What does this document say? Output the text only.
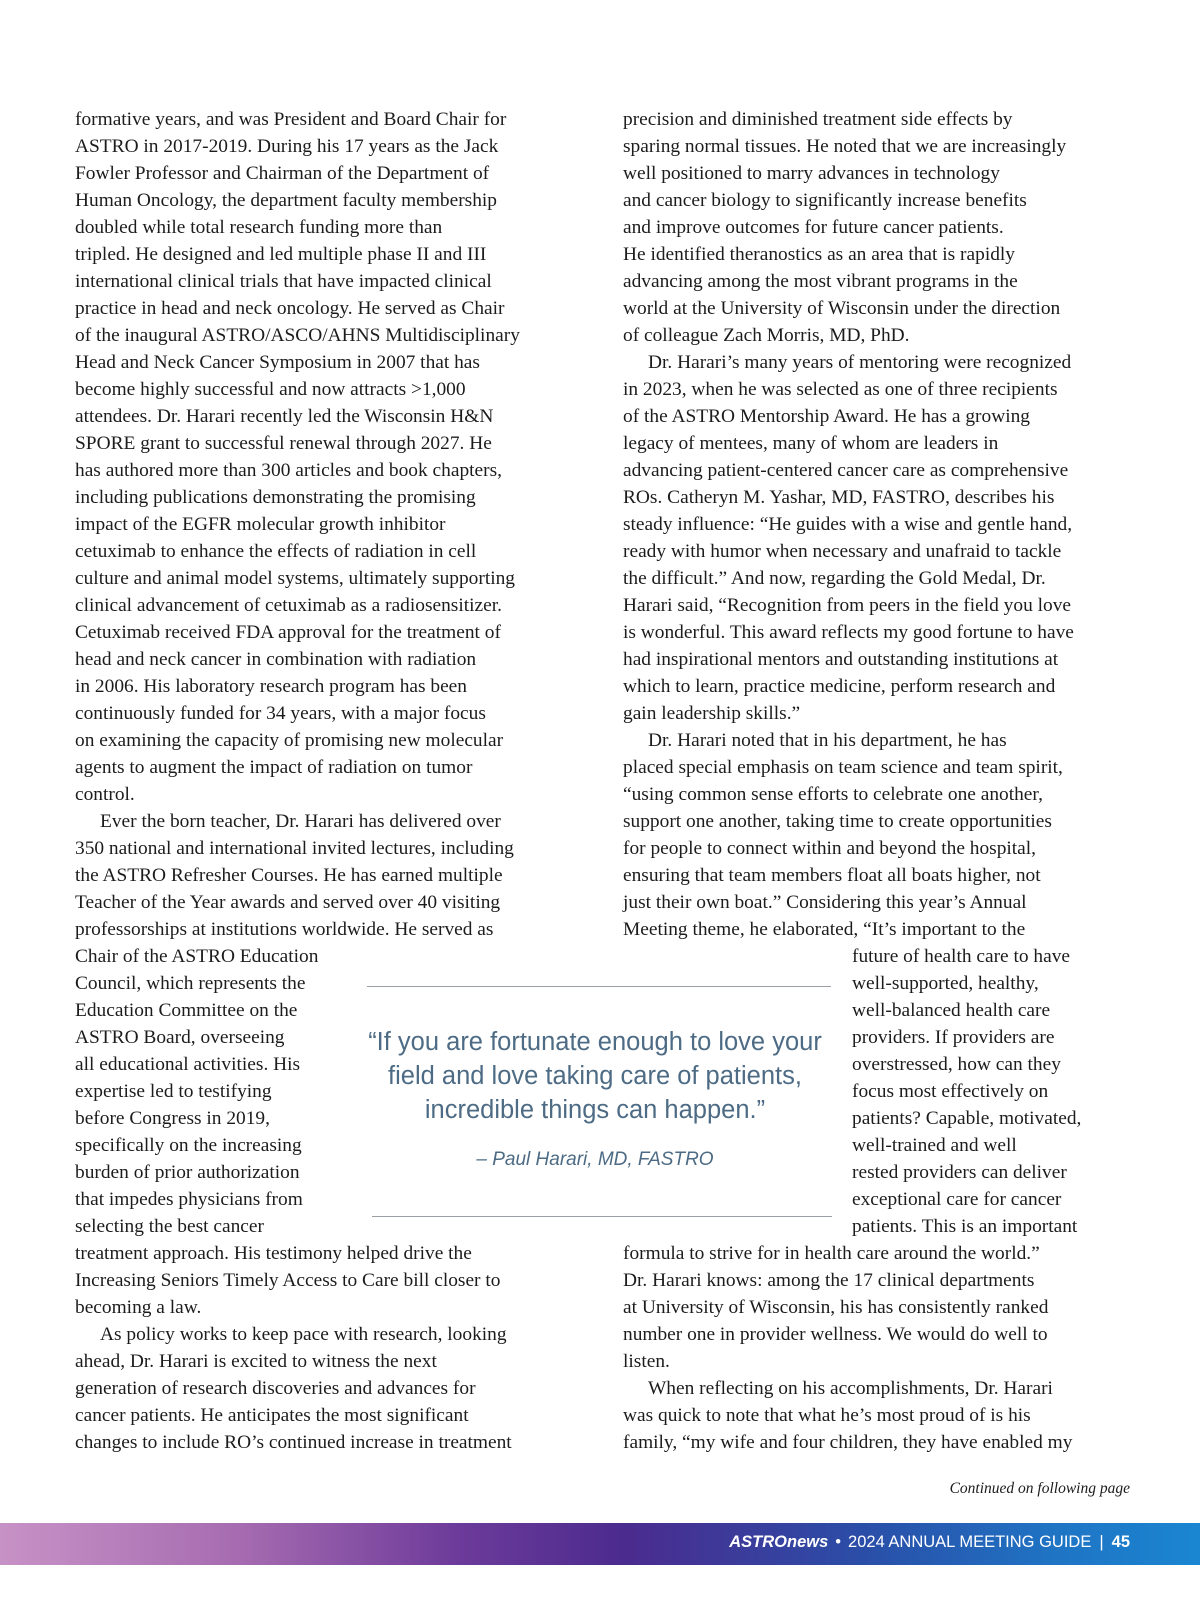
formative years, and was President and Board Chair for
ASTRO in 2017-2019. During his 17 years as the Jack
Fowler Professor and Chairman of the Department of
Human Oncology, the department faculty membership
doubled while total research funding more than
tripled. He designed and led multiple phase II and III
international clinical trials that have impacted clinical
practice in head and neck oncology. He served as Chair
of the inaugural ASTRO/ASCO/AHNS Multidisciplinary
Head and Neck Cancer Symposium in 2007 that has
become highly successful and now attracts >1,000
attendees. Dr. Harari recently led the Wisconsin H&N
SPORE grant to successful renewal through 2027. He
has authored more than 300 articles and book chapters,
including publications demonstrating the promising
impact of the EGFR molecular growth inhibitor
cetuximab to enhance the effects of radiation in cell
culture and animal model systems, ultimately supporting
clinical advancement of cetuximab as a radiosensitizer.
Cetuximab received FDA approval for the treatment of
head and neck cancer in combination with radiation
in 2006. His laboratory research program has been
continuously funded for 34 years, with a major focus
on examining the capacity of promising new molecular
agents to augment the impact of radiation on tumor
control.
Ever the born teacher, Dr. Harari has delivered over
350 national and international invited lectures, including
the ASTRO Refresher Courses. He has earned multiple
Teacher of the Year awards and served over 40 visiting
professorships at institutions worldwide. He served as
Chair of the ASTRO Education
Council, which represents the
Education Committee on the
ASTRO Board, overseeing
all educational activities. His
expertise led to testifying
before Congress in 2019,
specifically on the increasing
burden of prior authorization
that impedes physicians from
selecting the best cancer
treatment approach. His testimony helped drive the
Increasing Seniors Timely Access to Care bill closer to
becoming a law.
As policy works to keep pace with research, looking
ahead, Dr. Harari is excited to witness the next
generation of research discoveries and advances for
cancer patients. He anticipates the most significant
changes to include RO’s continued increase in treatment
precision and diminished treatment side effects by
sparing normal tissues. He noted that we are increasingly
well positioned to marry advances in technology
and cancer biology to significantly increase benefits
and improve outcomes for future cancer patients.
He identified theranostics as an area that is rapidly
advancing among the most vibrant programs in the
world at the University of Wisconsin under the direction
of colleague Zach Morris, MD, PhD.
Dr. Harari’s many years of mentoring were recognized
in 2023, when he was selected as one of three recipients
of the ASTRO Mentorship Award. He has a growing
legacy of mentees, many of whom are leaders in
advancing patient-centered cancer care as comprehensive
ROs. Catheryn M. Yashar, MD, FASTRO, describes his
steady influence: “He guides with a wise and gentle hand,
ready with humor when necessary and unafraid to tackle
the difficult.” And now, regarding the Gold Medal, Dr.
Harari said, “Recognition from peers in the field you love
is wonderful. This award reflects my good fortune to have
had inspirational mentors and outstanding institutions at
which to learn, practice medicine, perform research and
gain leadership skills.”
Dr. Harari noted that in his department, he has
placed special emphasis on team science and team spirit,
“using common sense efforts to celebrate one another,
support one another, taking time to create opportunities
for people to connect within and beyond the hospital,
ensuring that team members float all boats higher, not
just their own boat.” Considering this year’s Annual
Meeting theme, he elaborated, “It’s important to the
future of health care to have
well-supported, healthy,
well-balanced health care
providers. If providers are
overstressed, how can they
focus most effectively on
patients? Capable, motivated,
well-trained and well
rested providers can deliver
exceptional care for cancer
patients. This is an important
formula to strive for in health care around the world.”
Dr. Harari knows: among the 17 clinical departments
at University of Wisconsin, his has consistently ranked
number one in provider wellness. We would do well to
listen.
When reflecting on his accomplishments, Dr. Harari
was quick to note that what he’s most proud of is his
family, “my wife and four children, they have enabled my
“If you are fortunate enough to love your
field and love taking care of patients,
incredible things can happen.”
– Paul Harari, MD, FASTRO
Continued on following page
ASTROnews • 2024 ANNUAL MEETING GUIDE | 45
